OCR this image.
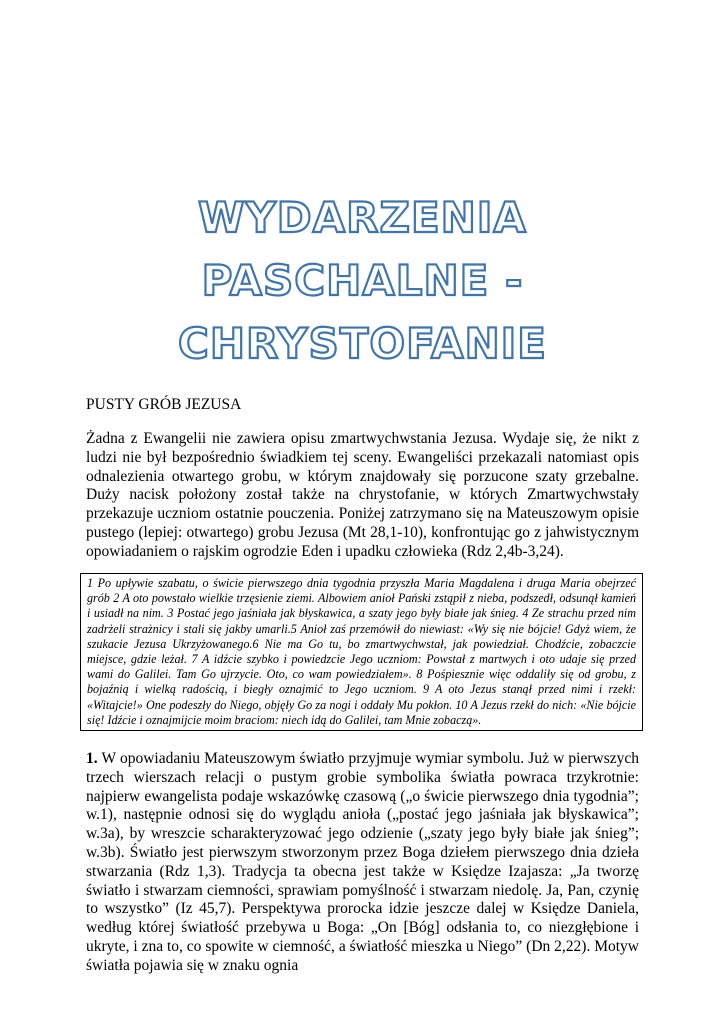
WYDARZENIA
PASCHALNE -
CHRYSTOFANIE
PUSTY GRÓB JEZUSA

Żadna z Ewangelii nie zawiera opisu zmartwychwstania Jezusa. Wydaje się, że nikt z ludzi nie był bezpośrednio świadkiem tej sceny. Ewangeliści przekazali natomiast opis odnalezienia otwartego grobu, w którym znajdowały się porzucone szaty grzebalne. Duży nacisk położony został także na chrystofanie, w których Zmartwychwstały przekazuje uczniom ostatnie pouczenia. Poniżej zatrzymano się na Mateuszowym opisie pustego (lepiej: otwartego) grobu Jezusa (Mt 28,1-10), konfrontując go z jahwistycznym opowiadaniem o rajskim ogrodzie Eden i upadku człowieka (Rdz 2,4b-3,24).

1 Po upływie szabatu, o świcie pierwszego dnia tygodnia przyszła Maria Magdalena i druga Maria obejrzeć grób 2 A oto powstało wielkie trzęsienie ziemi. Albowiem anioł Pański zstąpił z nieba, podszedł, odsunął kamień i usiadł na nim. 3 Postać jego jaśniała jak błyskawica, a szaty jego były białe jak śnieg. 4 Ze strachu przed nim zadrżeli strażnicy i stali się jakby umarli.5 Anioł zaś przemówił do niewiast: «Wy się nie bójcie! Gdyż wiem, że szukacie Jezusa Ukrzyżowanego.6 Nie ma Go tu, bo zmartwychwstał, jak powiedział. Chodźcie, zobaczcie miejsce, gdzie leżał. 7 A idźcie szybko i powiedzcie Jego uczniom: Powstał z martwych i oto udaje się przed wami do Galilei. Tam Go ujrzycie. Oto, co wam powiedziałem». 8 Pośpiesznie więc oddaliły się od grobu, z bojaźnią i wielką radością, i biegły oznajmić to Jego uczniom. 9 A oto Jezus stanął przed nimi i rzekł: «Witajcie!» One podeszły do Niego, objęły Go za nogi i oddały Mu pokłon. 10 A Jezus rzekł do nich: «Nie bójcie się! Idźcie i oznajmijcie moim braciom: niech idą do Galilei, tam Mnie zobaczą».

1. W opowiadaniu Mateuszowym światło przyjmuje wymiar symbolu. Już w pierwszych trzech wierszach relacji o pustym grobie symbolika światła powraca trzykrotnie: najpierw ewangelista podaje wskazówkę czasową („o świcie pierwszego dnia tygodnia”; w.1), następnie odnosi się do wyglądu anioła („postać jego jaśniała jak błyskawica”; w.3a), by wreszcie scharakteryzować jego odzienie („szaty jego były białe jak śnieg”; w.3b). Światło jest pierwszym stworzonym przez Boga dziełem pierwszego dnia dzieła stwarzania (Rdz 1,3). Tradycja ta obecna jest także w Księdze Izajasza: „Ja tworzę światło i stwarzam ciemności, sprawiam pomyślność i stwarzam niedolę. Ja, Pan, czynię to wszystko” (Iz 45,7). Perspektywa prorocka idzie jeszcze dalej w Księdze Daniela, według której światłość przebywa u Boga: „On [Bóg] odsłania to, co niezgłębione i ukryte, i zna to, co spowite w ciemność, a światłość mieszka u Niego” (Dn 2,22). Motyw światła pojawia się w znaku ognia
